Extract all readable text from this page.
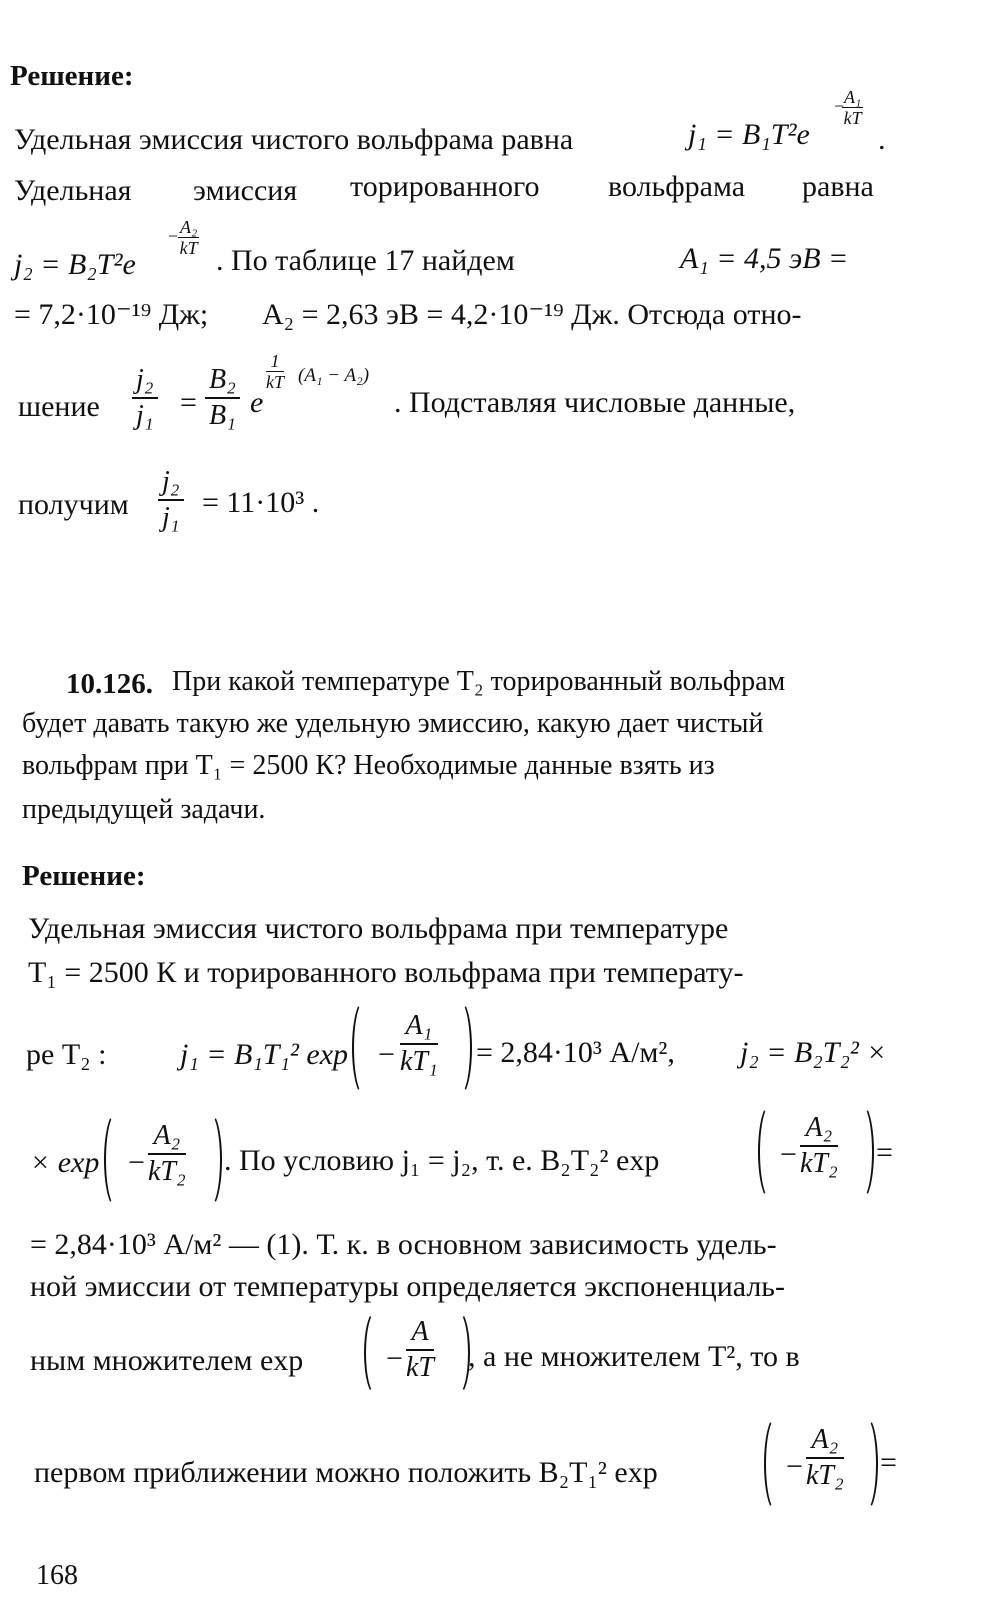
Решение:
Удельная эмиссия чистого вольфрама равна	j₁ = B₁T²e
$\frac{\text{A₁}}{kT}$
−
.
Удельная эмиссия торированного вольфрама равна
j₂ = B₂T²e
$\frac{\text{A₂}}{kT}$
−
. По таблице 17 найдем	A₁ = 4,5 эВ =
= 7,2·10⁻¹⁹ Дж; A₂ = 2,63 эВ = 4,2·10⁻¹⁹ Дж. Отсюда отно-
шение $\frac{\text{j₂}}{\text{j₁}} = \frac{\text{B₂}}{\text{B₁}}$ e
$\frac{1}{kT} (A_1 - A_2)$
. Подставляя числовые данные,
получим $\frac{\text{j₂}}{\text{j₁}} = 11\cdot 10^3$ .
10.126. При какой температуре T₂ торированный вольфрам
будет давать такую же удельную эмиссию, какую дает чистый
вольфрам при T₁ = 2500 К? Необходимые данные взять из
предыдущей задачи.
Решение:
Удельная эмиссия чистого вольфрама при температуре
T₁ = 2500 К и торированного вольфрама при температу-
ре T₂ : j₁ = B₁T₁² $\exp - \frac{\text{A₁}}{\text{kT₁}} = 2,84\cdot 10^3$ А/м², j₂ = B₂T₂² ×
× $\exp - \frac{\text{A₂}}{\text{kT₂}}$ . По условию j₁ = j₂, т. е. B₂T₂² exp	− $\frac{\text{A₂}}{\text{kT₂}}$ =
= 2,84·10³ А/м² — (1). Т. к. в основном зависимость удель-
ной эмиссии от температуры определяется экспоненциаль-
ным множителем exp	− $\frac{A}{kT}$ , а не множителем T², то в
первом приближении можно положить B₂T₁² exp	− $\frac{\text{A₂}}{\text{kT₂}}$ =
168
